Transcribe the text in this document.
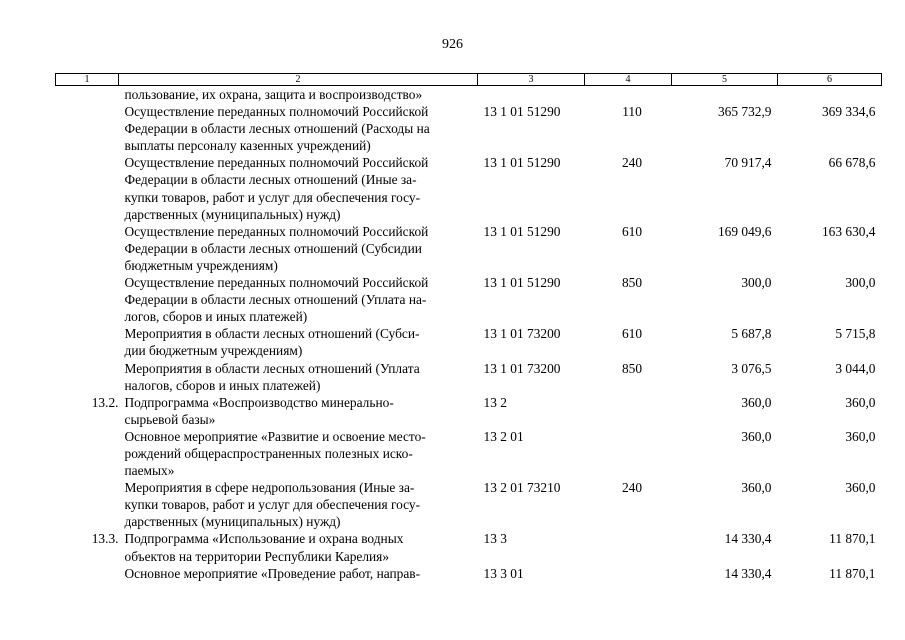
926
1	2	3	4	5	6
	пользование, их охрана, защита и воспроизводство»				
	Осуществление переданных полномочий Российской
Федерации в области лесных отношений (Расходы на
выплаты персоналу казенных учреждений)	13 1 01 51290	110	365 732,9	369 334,6
	Осуществление переданных полномочий Российской
Федерации в области лесных отношений (Иные за-
купки товаров, работ и услуг для обеспечения госу-
дарственных (муниципальных) нужд)	13 1 01 51290	240	70 917,4	66 678,6
	Осуществление переданных полномочий Российской
Федерации в области лесных отношений (Субсидии
бюджетным учреждениям)	13 1 01 51290	610	169 049,6	163 630,4
	Осуществление переданных полномочий Российской
Федерации в области лесных отношений (Уплата на-
логов, сборов и иных платежей)	13 1 01 51290	850	300,0	300,0
	Мероприятия в области лесных отношений (Субси-
дии бюджетным учреждениям)	13 1 01 73200	610	5 687,8	5 715,8
	Мероприятия в области лесных отношений (Уплата
налогов, сборов и иных платежей)	13 1 01 73200	850	3 076,5	3 044,0
13.2.	Подпрограмма «Воспроизводство минерально-
сырьевой базы»	13 2		360,0	360,0
	Основное мероприятие «Развитие и освоение место-
рождений общераспространенных полезных иско-
паемых»	13 2 01		360,0	360,0
	Мероприятия в сфере недропользования (Иные за-
купки товаров, работ и услуг для обеспечения госу-
дарственных (муниципальных) нужд)	13 2 01 73210	240	360,0	360,0
13.3.	Подпрограмма «Использование и охрана водных
объектов на территории Республики Карелия»	13 3		14 330,4	11 870,1
	Основное мероприятие «Проведение работ, направ-	13 3 01		14 330,4	11 870,1
